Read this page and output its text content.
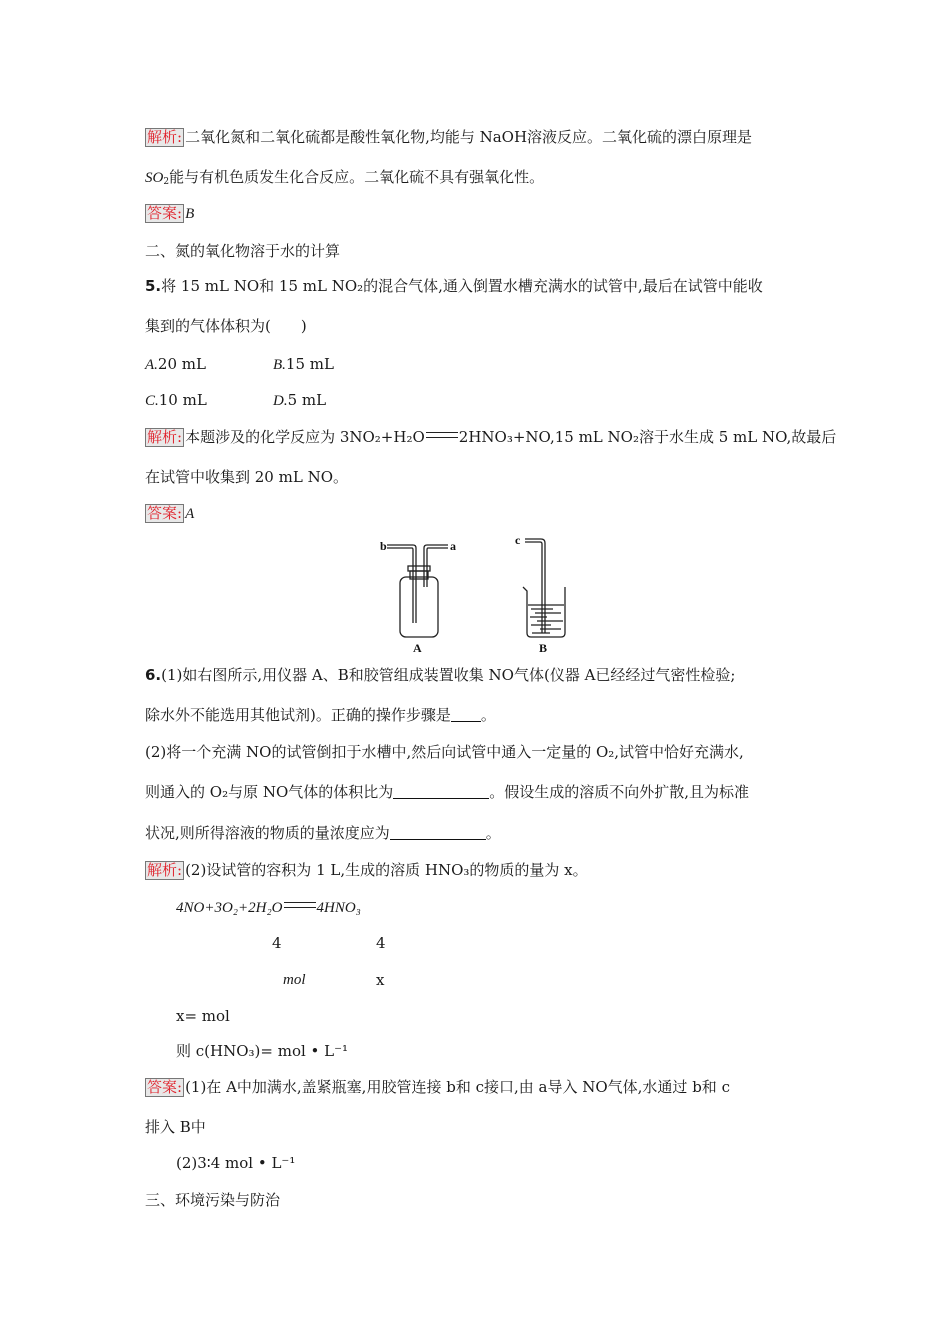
解析: 二氧化氮和二氧化硫都是酸性氧化物,均能与 NaOH溶液反应。二氧化硫的漂白原理是
$SO_2$能与有机色质发生化合反应。二氧化硫不具有强氧化性。
答案: B
二、氮的氧化物溶于水的计算
5.将 15 mL NO和 15 mL NO₂的混合气体,通入倒置水槽充满水的试管中,最后在试管中能收
集到的气体体积为(　　)
A.20 mL	B.15 mL
C.10 mL	D.5 mL
解析: 本题涉及的化学反应为 3NO₂+H₂O 2HNO₃+NO,15 mL NO₂溶于水生成 5 mL NO,故最后
在试管中收集到 20 mL NO。
答案: A
b	a	c
A	B
6.(1)如右图所示,用仪器 A、B和胶管组成装置收集 NO气体(仪器 A已经经过气密性检验;
除水外不能选用其他试剂)。正确的操作步骤是 。
(2)将一个充满 NO的试管倒扣于水槽中,然后向试管中通入一定量的 O₂,试管中恰好充满水,
则通入的 O₂与原 NO气体的体积比为	。假设生成的溶质不向外扩散,且为标准
状况,则所得溶液的物质的量浓度应为	。
解析: (2)设试管的容积为 1 L,生成的溶质 HNO₃的物质的量为 x。
4NO+3O₂+2H₂O 4HNO₃
4	4
mol	x
x= mol
则 c(HNO₃)= mol • L⁻¹
答案: (1)在 A中加满水,盖紧瓶塞,用胶管连接 b和 c接口,由 a导入 NO气体,水通过 b和 c
排入 B中
(2)3∶4 mol • L⁻¹
三、环境污染与防治
